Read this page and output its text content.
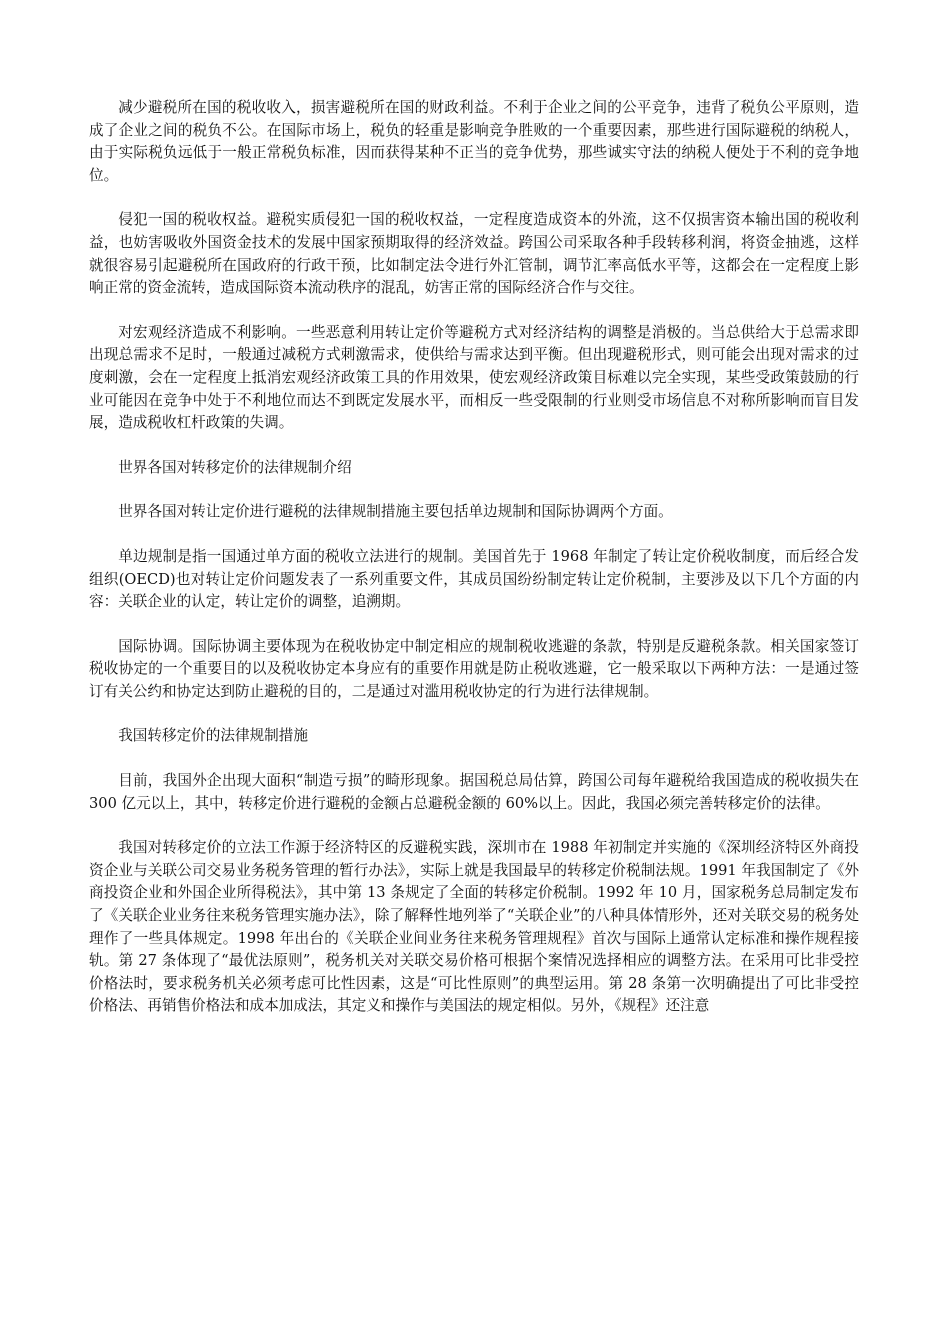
减少避税所在国的税收收入，损害避税所在国的财政利益。不利于企业之间的公平竞争，违背了税负公平原则，造成了企业之间的税负不公。在国际市场上，税负的轻重是影响竞争胜败的一个重要因素，那些进行国际避税的纳税人，由于实际税负远低于一般正常税负标准，因而获得某种不正当的竞争优势，那些诚实守法的纳税人便处于不利的竞争地位。

侵犯一国的税收权益。避税实质侵犯一国的税收权益，一定程度造成资本的外流，这不仅损害资本输出国的税收利益，也妨害吸收外国资金技术的发展中国家预期取得的经济效益。跨国公司采取各种手段转移利润，将资金抽逃，这样就很容易引起避税所在国政府的行政干预，比如制定法令进行外汇管制，调节汇率高低水平等，这都会在一定程度上影响正常的资金流转，造成国际资本流动秩序的混乱，妨害正常的国际经济合作与交往。

对宏观经济造成不利影响。一些恶意利用转让定价等避税方式对经济结构的调整是消极的。当总供给大于总需求即出现总需求不足时，一般通过减税方式刺激需求，使供给与需求达到平衡。但出现避税形式，则可能会出现对需求的过度刺激，会在一定程度上抵消宏观经济政策工具的作用效果，使宏观经济政策目标难以完全实现，某些受政策鼓励的行业可能因在竞争中处于不利地位而达不到既定发展水平，而相反一些受限制的行业则受市场信息不对称所影响而盲目发展，造成税收杠杆政策的失调。

世界各国对转移定价的法律规制介绍

世界各国对转让定价进行避税的法律规制措施主要包括单边规制和国际协调两个方面。

单边规制是指一国通过单方面的税收立法进行的规制。美国首先于 1968 年制定了转让定价税收制度，而后经合发组织(OECD)也对转让定价问题发表了一系列重要文件，其成员国纷纷制定转让定价税制，主要涉及以下几个方面的内容：关联企业的认定，转让定价的调整，追溯期。

国际协调。国际协调主要体现为在税收协定中制定相应的规制税收逃避的条款，特别是反避税条款。相关国家签订税收协定的一个重要目的以及税收协定本身应有的重要作用就是防止税收逃避，它一般采取以下两种方法：一是通过签订有关公约和协定达到防止避税的目的，二是通过对滥用税收协定的行为进行法律规制。

我国转移定价的法律规制措施

目前，我国外企出现大面积“制造亏损”的畸形现象。据国税总局估算，跨国公司每年避税给我国造成的税收损失在 300 亿元以上，其中，转移定价进行避税的金额占总避税金额的 60%以上。因此，我国必须完善转移定价的法律。

我国对转移定价的立法工作源于经济特区的反避税实践，深圳市在 1988 年初制定并实施的《深圳经济特区外商投资企业与关联公司交易业务税务管理的暂行办法》，实际上就是我国最早的转移定价税制法规。1991 年我国制定了《外商投资企业和外国企业所得税法》，其中第 13 条规定了全面的转移定价税制。1992 年 10 月，国家税务总局制定发布了《关联企业业务往来税务管理实施办法》，除了解释性地列举了“关联企业”的八种具体情形外，还对关联交易的税务处理作了一些具体规定。1998 年出台的《关联企业间业务往来税务管理规程》首次与国际上通常认定标准和操作规程接轨。第 27 条体现了“最优法原则”，税务机关对关联交易价格可根据个案情况选择相应的调整方法。在采用可比非受控价格法时，要求税务机关必须考虑可比性因素，这是“可比性原则”的典型运用。第 28 条第一次明确提出了可比非受控价格法、再销售价格法和成本加成法，其定义和操作与美国法的规定相似。另外，《规程》还注意
